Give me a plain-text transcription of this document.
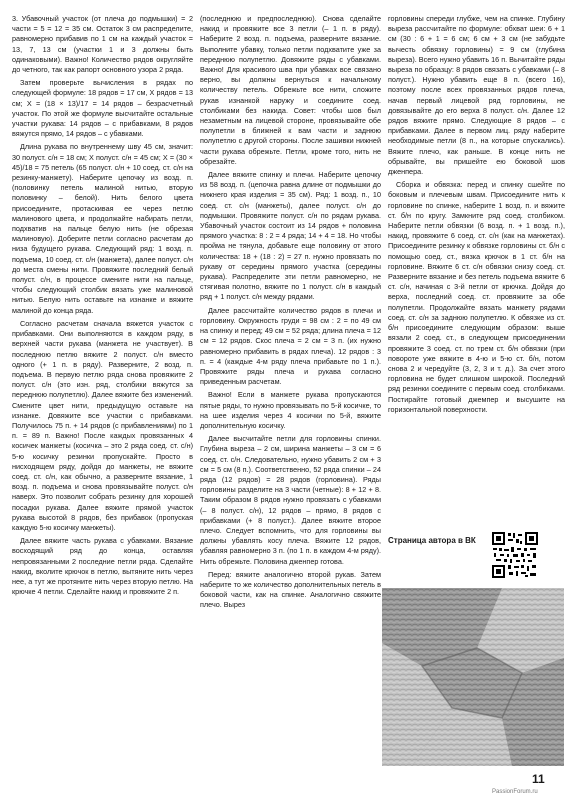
3. Убавочный участок (от плеча до подмышки) = 2 части = 5 = 12 = 35 см. Остаток 3 см распределите, равномерно прибавив по 1 см на каждый участок = 13, 7, 13 см (участки 1 и 3 должны быть одинаковыми). Важно! Количество рядов округляйте до четного, так как рапорт основного узора 2 ряда.

Затем проверьте вычисления в рядах по следующей формуле: 18 рядов = 17 см, X рядов = 13 см; X = (18 × 13)/17 = 14 рядов – безрасчетный участок. По этой же формуле высчитайте остальные участки рукава: 14 рядов – с прибавками, 8 рядов вяжутся прямо, 14 рядов – с убавками.

Длина рукава по внутреннему шву 45 см, значит: 30 полуст. с/н = 18 см; X полуст. с/н = 45 см; X = (30 × 45)/18 = 75 петель (65 полуст. с/н + 10 соед. ст. с/н на резинку-манжету). Наберите цепочку из возд. п. (половинку петель малиной нитью, вторую половинку – белой). Нить белого цвета присоедините, протаскивая ее через петлю малинового цвета, и продолжайте набирать петли, подхватив на пальце белую нить (не обрезая малиновую). Доберите петли согласно расчетам до низа будущего рукава. Следующий ряд: 1 возд. п. подъема, 10 соед. ст. с/н (манжета), далее полуст. с/н до места смены нити. Провяжите последний белый полуст. с/н, в процессе смените нити на пальце, чтобы следующий столбик вязать уже малиновой нитью. Белую нить оставьте на изнанке и вяжите малиной до конца ряда.

Согласно расчетам сначала вяжется участок с прибавками. Они выполняются в каждом ряду, в верхней части рукава (манжета не участвует). В последнюю петлю вяжите 2 полуст. с/н вместо одного (+ 1 п. в ряду). Разверните, 2 возд. п. подъема. В первую петлю ряда снова провяжите 2 полуст. с/н (это изн. ряд, столбики вяжутся за переднюю полупетлю). Далее вяжите без изменений. Смените цвет нити, предыдущую оставьте на изнанке. Довяжите все участки с прибавками. Получилось 75 п. + 14 рядов (с прибавлениями) по 1 п. = 89 п. Важно! После каждых провязанных 4 косичек манжеты (косичка – это 2 ряда соед. ст. с/н) 5-ю косичку резинки пропускайте. Просто в нисходящем ряду, дойдя до манжеты, не вяжите соед. ст. с/н, как обычно, а разверните вязание, 1 возд. п. подъема и снова провязывайте полуст. с/н наверх. Это позволит собрать резинку для хорошей посадки рукава. Далее вяжите прямой участок рукава высотой 8 рядов, без прибавок (пропуская каждую 5-ю косичку манжеты).

Далее вяжите часть рукава с убавками. Вязание восходящий ряд до конца, оставляя непровязанными 2 последние петли ряда. Сделайте накид, вколите крючок в петлю, вытяните нить через нее, а тут же протяните нить через вторую петлю. На крючке 4 петли. Сделайте накид и провяжите 2 п.

(последнюю и предпоследнюю). Снова сделайте накид и провяжите все 3 петли (– 1 п. в ряду). Наберите 2 возд. п. подъема, разверните вязание. Выполните убавку, только петли подхватите уже за переднюю полупетлю. Довяжите ряды с убавками. Важно! Для красивого шва при убавках все связано верно, вы должны вернуться к начальному количеству петель. Обрежьте все нити, сложите рукав изнанкой наружу и соедините соед. столбиками без накида. Совет: чтобы шов был незаметным на лицевой стороне, провязывайте обе полупетли в ближней к вам части и заднюю полупетлю с другой стороны. После зашивки нижней части рукава обрежьте. Петли, кроме того, нить не обрезайте.

Далее вяжите спинку и плечи. Наберите цепочку из 58 возд. п. (цепочка равна длине от подмышки до нижнего края изделия = 35 см). Ряд: 1 возд. п., 10 соед. ст. с/н (манжеты), далее полуст. с/н до подмышки. Провяжите полуст. с/н по рядам рукава. Убавочный участок состоит из 14 рядов + половина прямого участка: 8 : 2 = 4 ряда; 14 + 4 = 18. Но чтобы пройма не тянула, добавьте еще половину от этого количества: 18 + (18 : 2) = 27 п. нужно провязать по рукаву от середины прямого участка (середины рукава). Распределите эти петли равномерно, не стягивая полотно, вяжите по 1 полуст. с/н в каждый ряд + 1 полуст. с/н между рядами.

Далее рассчитайте количество рядов в плечи и горловину. Окружность груди = 98 см : 2 = по 49 см на спинку и перед; 49 см = 52 ряда; длина плеча = 12 см = 12 рядов. Скос плеча = 2 см = 3 п. (их нужно равномерно прибавить в рядах плеча). 12 рядов : 3 п. = 4 (каждые 4-м ряду плеча прибавьте по 1 п.). Провяжите ряды плеча и рукава согласно приведенным расчетам.

Важно! Если в манжете рукава пропускаются пятые ряды, то нужно провязывать по 5-й косичке, то на шее изделия через 4 косички по 5-й, вяжите дополнительную косичку.

Далее высчитайте петли для горловины спинки. Глубина выреза – 2 см, ширина манжеты – 3 см = 6 соед. ст. с/н. Следовательно, нужно убавить 2 см + 3 см = 5 см (8 п.). Соответственно, 52 ряда спинки – 24 ряда (12 рядов) = 28 рядов (горловина). Ряды горловины разделите на 3 части (четные): 8 + 12 + 8. Таким образом 8 рядов нужно провязать с убавками (– 8 полуст. с/н), 12 рядов – прямо, 8 рядов с прибавками (+ 8 полуст.). Далее вяжите второе плечо. Следует вспомнить, что для горловины вы должны убавлять косу плеча. Вяжите 12 рядов, убавляя равномерно 3 п. (по 1 п. в каждом 4-м ряду). Нить обрежьте. Половина дженпер готова.

Перед: вяжите аналогично второй рукав. Затем наберите то же количество дополнительных петель в боковой части, как на спинке. Аналогично свяжите плечо. Вырез

горловины спереди глубже, чем на спинке. Глубину выреза рассчитайте по формуле: обхват шеи: 6 + 1 см (30 : 6 + 1 = 6 см; 6 см + 3 см (не забудьте вычесть обвязку горловины) = 9 см (глубина выреза). Всего нужно убавить 16 п. Вычитайте ряды выреза по образцу: 8 рядов связать с убавками (– 8 полуст.). Нужно убавить еще 8 п. (всего 16), поэтому после всех провязанных рядов плеча, начав первый лицевой ряд горловины, не довязывайте до его верха 8 полуст. с/н. Далее 12 рядов вяжите прямо. Следующие 8 рядов – с прибавками. Далее в первом лиц. ряду наберите необходимые петли (8 п., на которые спускались). Вяжите плечо, как раньше. В конце нить не обрывайте, вы пришейте ею боковой шов дженпера.

Сборка и обвязка: перед и спинку сшейте по боковым и плечевым швам. Присоедините нить к горловине по спинке, наберите 1 возд. п. и вяжите ст. б/н по кругу. Замкните ряд соед. столбиком. Наберите петли обвязки (6 возд. п. + 1 возд. п.), накид, провяжите 6 соед. ст. с/н (как на манжетах). Присоедините резинку к обвязке горловины ст. б/н с помощью соед. ст., вязка крючок в 1 ст. б/н на горловине. Вяжите 6 ст. с/н обвязки снизу соед. ст. Разверните вязание и без петель подъема вяжите 6 ст. с/н, начиная с 3-й петли от крючка. Дойдя до верха, последний соед. ст. провяжите за обе полупетли. Продолжайте вязать манжету рядами соед. ст. с/н за заднюю полупетлю. К обвязке из ст. б/н присоедините следующим образом: выше вязали 2 соед. ст., в следующем присоединении провяжите 3 соед. ст. по трем ст. б/н обвязки (при повороте уже вяжите в 4-ю и 5-ю ст. б/н, потом снова 2 и чередуйте (3, 2, 3 и т. д.). За счет этого горловина не будет слишком широкой. Последний ряд резинки соедините с первым соед. столбиками. Постирайте готовый джемпер и высушите на горизонтальной поверхности.

Страница автора в ВК
11
PassionForum.ru
